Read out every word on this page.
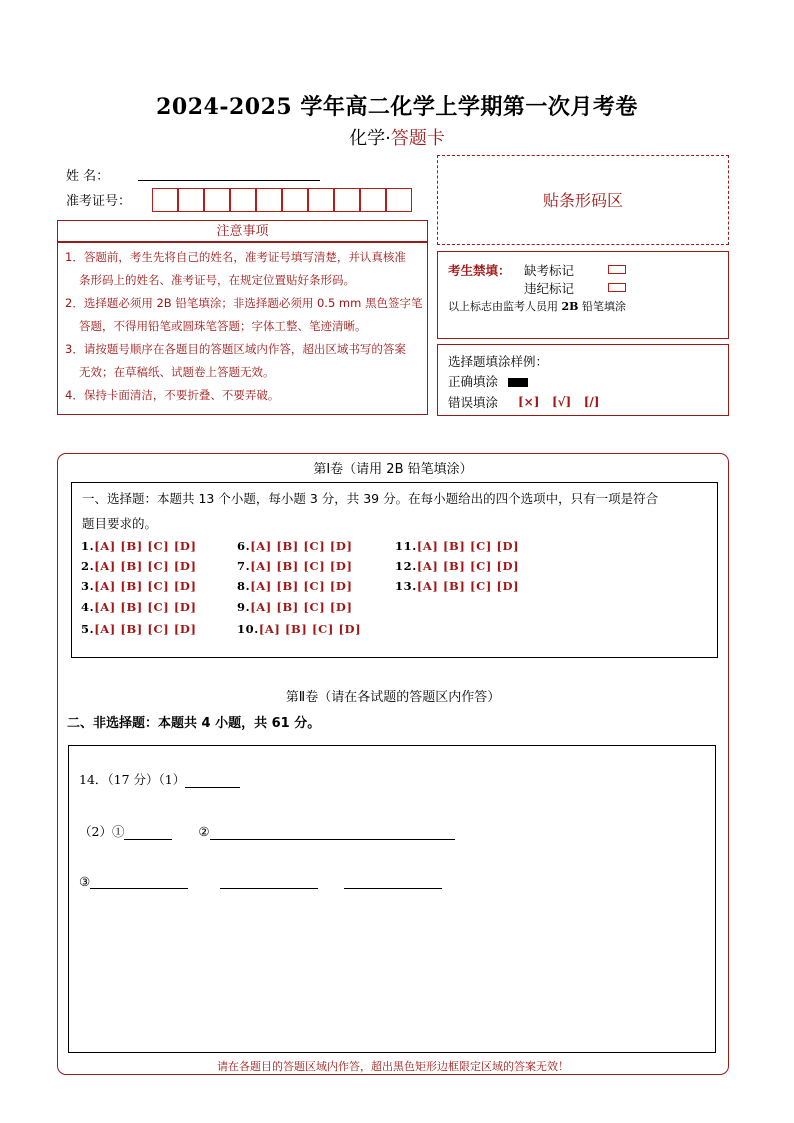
2024-2025 学年高二化学上学期第一次月考卷
化学·答题卡
姓 名：
准考证号：	贴条形码区
注意事项
1．答题前，考生先将自己的姓名，准考证号填写清楚，并认真核准
条形码上的姓名、准考证号，在规定位置贴好条形码。
2．选择题必须用 2B 铅笔填涂；非选择题必须用 0.5 mm 黑色签字笔
答题，不得用铅笔或圆珠笔答题；字体工整、笔迹清晰。
3．请按题号顺序在各题目的答题区域内作答，超出区域书写的答案
无效；在草稿纸、试题卷上答题无效。
4．保持卡面清洁，不要折叠、不要弄破。
考生禁填： 缺考标记
违纪标记
以上标志由监考人员用 2B 铅笔填涂
选择题填涂样例：
正确填涂
错误填涂 [×]   [√]   [/]
第Ⅰ卷（请用 2B 铅笔填涂）
一、选择题：本题共 13 个小题，每小题 3 分，共 39 分。在每小题给出的四个选项中，只有一项是符合
题目要求的。
1.[A] [B] [C] [D]
2.[A] [B] [C] [D]
3.[A] [B] [C] [D]
4.[A] [B] [C] [D]
5.[A] [B] [C] [D]
6.[A] [B] [C] [D]
7.[A] [B] [C] [D]
8.[A] [B] [C] [D]
9.[A] [B] [C] [D]
10.[A] [B] [C] [D]
11.[A] [B] [C] [D]
12.[A] [B] [C] [D]
13.[A] [B] [C] [D]
第Ⅱ卷（请在各试题的答题区内作答）
二、非选择题：本题共 4 小题，共 61 分。
14．（17 分）（1）
（2）①	②
③
请在各题目的答题区域内作答，超出黑色矩形边框限定区域的答案无效！
